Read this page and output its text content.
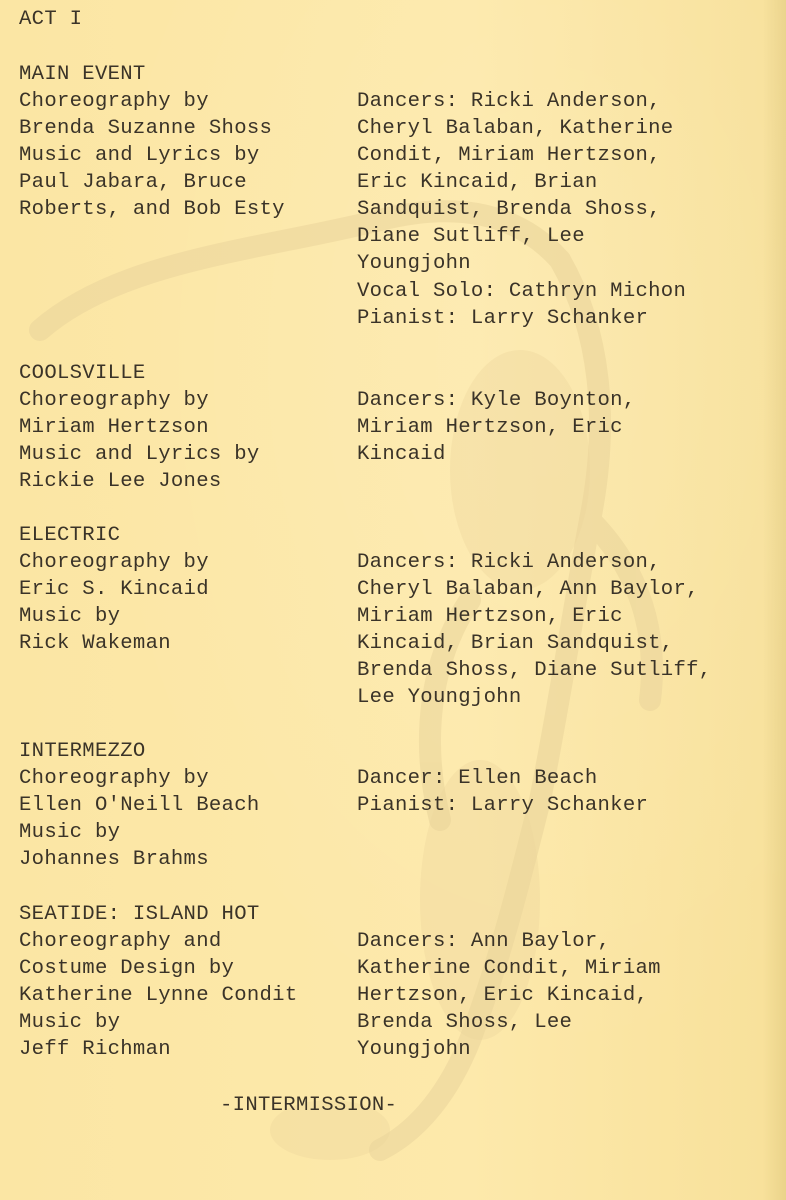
ACT I
MAIN EVENT
Choreography by
Brenda Suzanne Shoss
Music and Lyrics by
Paul Jabara, Bruce
Roberts, and Bob Esty
Dancers: Ricki Anderson,
Cheryl Balaban, Katherine
Condit, Miriam Hertzson,
Eric Kincaid, Brian
Sandquist, Brenda Shoss,
Diane Sutliff, Lee
Youngjohn
Vocal Solo: Cathryn Michon
Pianist: Larry Schanker
COOLSVILLE
Choreography by
Miriam Hertzson
Music and Lyrics by
Rickie Lee Jones
Dancers: Kyle Boynton,
Miriam Hertzson, Eric
Kincaid
ELECTRIC
Choreography by
Eric S. Kincaid
Music by
Rick Wakeman
Dancers: Ricki Anderson,
Cheryl Balaban, Ann Baylor,
Miriam Hertzson, Eric
Kincaid, Brian Sandquist,
Brenda Shoss, Diane Sutliff,
Lee Youngjohn
INTERMEZZO
Choreography by
Ellen O'Neill Beach
Music by
Johannes Brahms
Dancer: Ellen Beach
Pianist: Larry Schanker
SEATIDE: ISLAND HOT
Choreography and
Costume Design by
Katherine Lynne Condit
Music by
Jeff Richman
Dancers: Ann Baylor,
Katherine Condit, Miriam
Hertzson, Eric Kincaid,
Brenda Shoss, Lee
Youngjohn
-INTERMISSION-
